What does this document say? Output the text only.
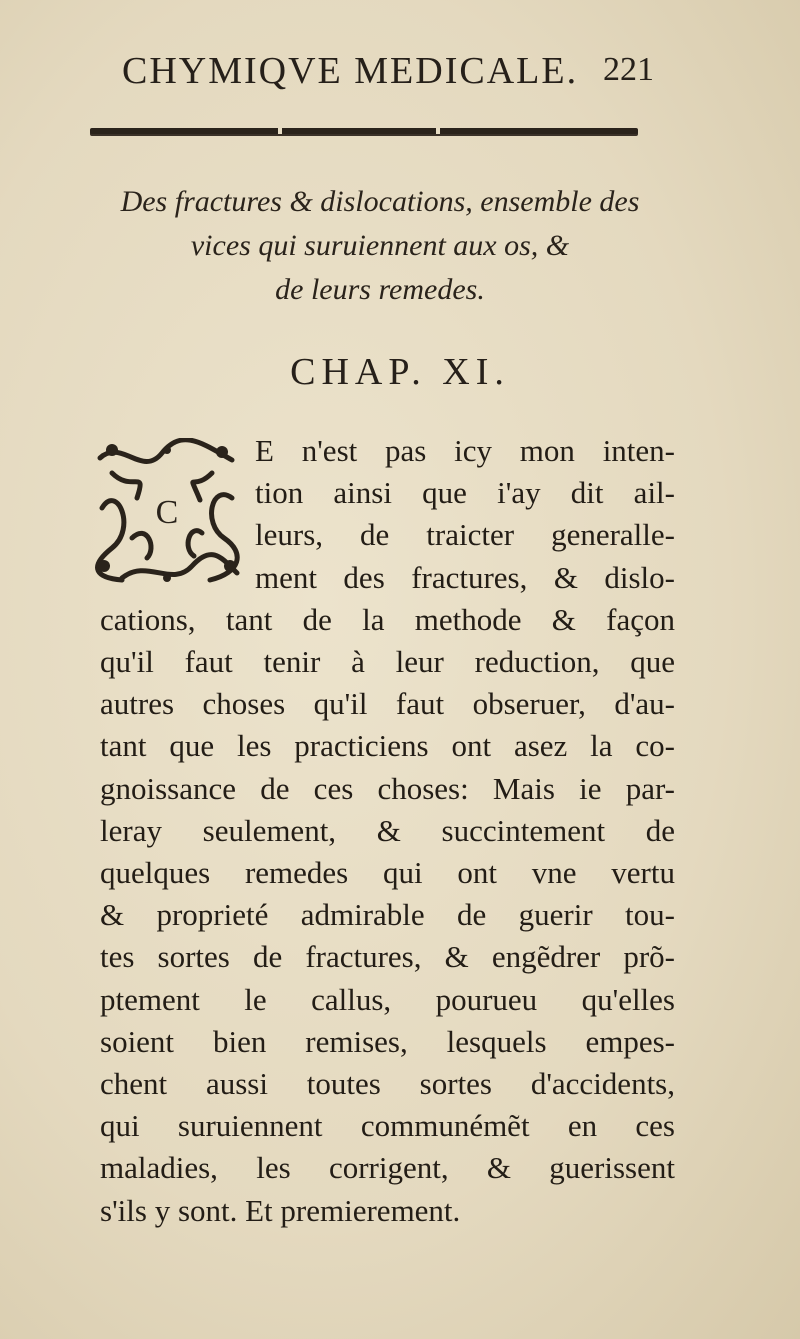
CHYMIQVE MEDICALE. 221
Des fractures & dislocations, ensemble des
vices qui suruiennent aux os, &
de leurs remedes.
CHAP. XI.
C
E n'est pas icy mon inten-
tion ainsi que i'ay dit ail-
leurs, de traicter generalle-
ment des fractures, & dislo-
cations, tant de la methode & façon
qu'il faut tenir à leur reduction, que
autres choses qu'il faut obseruer, d'au-
tant que les practiciens ont asez la co-
gnoissance de ces choses: Mais ie par-
leray seulement, & succintement de
quelques remedes qui ont vne vertu
& proprieté admirable de guerir tou-
tes sortes de fractures, & engẽdrer prõ-
ptement le callus, pourueu qu'elles
soient bien remises, lesquels empes-
chent aussi toutes sortes d'accidents,
qui suruiennent communémẽt en ces
maladies, les corrigent, & guerissent
s'ils y sont. Et premierement.
